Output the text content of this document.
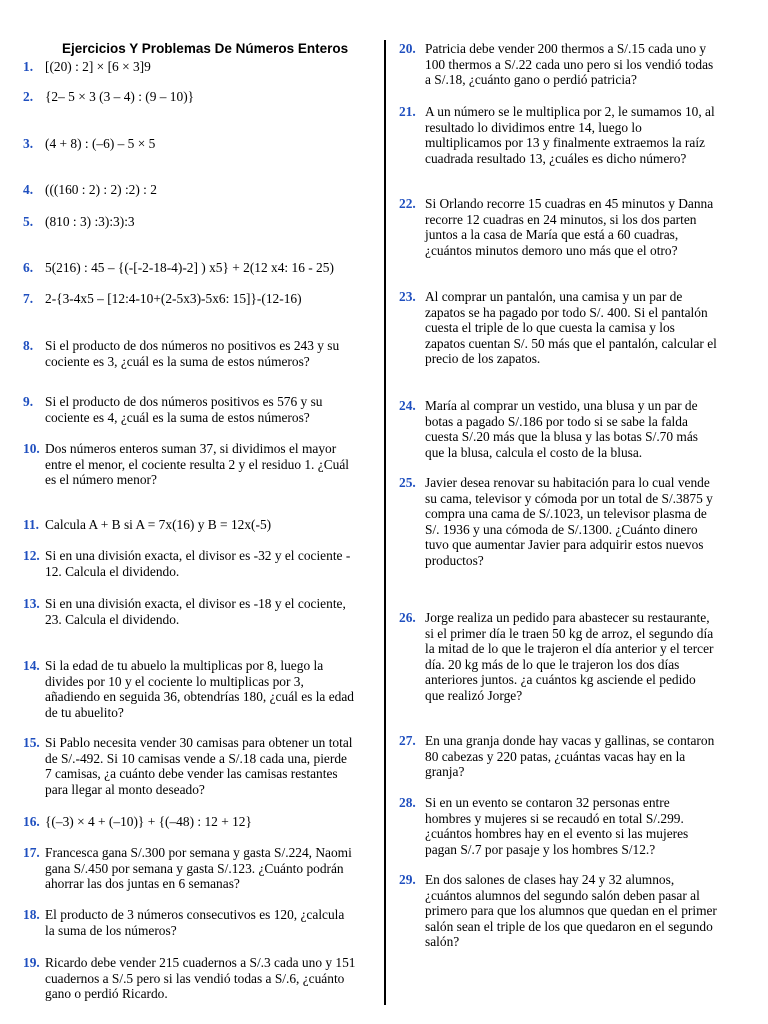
Ejercicios Y Problemas De Números Enteros
1. [(20) : 2] × [6 × 3]9
2. {2– 5 × 3 (3 – 4) : (9 – 10)}
3. (4 + 8) : (–6) – 5 × 5
4. (((160 : 2) : 2) :2) : 2
5. (810 : 3) :3):3):3
6. 5(216) : 45 – {(-[-2-18-4)-2] ) x5} + 2(12 x4: 16 - 25)
7. 2-{3-4x5 – [12:4-10+(2-5x3)-5x6: 15]}-(12-16)
8. Si el producto de dos números no positivos es 243 y su
cociente es 3, ¿cuál es la suma de estos números?
9. Si el producto de dos números positivos es 576 y su
cociente es 4, ¿cuál es la suma de estos números?
10. Dos números enteros suman 37, si dividimos el mayor
entre el menor, el cociente resulta 2 y el residuo 1. ¿Cuál
es el número menor?
11. Calcula A + B si A = 7x(16) y B = 12x(-5)
12. Si en una división exacta, el divisor es -32 y el cociente -
12. Calcula el dividendo.
13. Si en una división exacta, el divisor es -18 y el cociente,
23. Calcula el dividendo.
14. Si la edad de tu abuelo la multiplicas por 8, luego la
divides por 10 y el cociente lo multiplicas por 3,
añadiendo en seguida 36, obtendrías 180, ¿cuál es la edad
de tu abuelito?
15. Si Pablo necesita vender 30 camisas para obtener un total
de S/.-492. Si 10 camisas vende a S/.18 cada una, pierde
7 camisas, ¿a cuánto debe vender las camisas restantes
para llegar al monto deseado?
16. {(–3) × 4 + (–10)} + {(–48) : 12 + 12}
17. Francesca gana S/.300 por semana y gasta S/.224, Naomi
gana S/.450 por semana y gasta S/.123. ¿Cuánto podrán
ahorrar las dos juntas en 6 semanas?
18. El producto de 3 números consecutivos es 120, ¿calcula
la suma de los números?
19. Ricardo debe vender 215 cuadernos a S/.3 cada uno y 151
cuadernos a S/.5 pero si las vendió todas a S/.6, ¿cuánto
gano o perdió Ricardo.
20. Patricia debe vender 200 thermos a S/.15 cada uno y
100 thermos a S/.22 cada uno pero si los vendió todas
a S/.18, ¿cuánto gano o perdió patricia?
21. A un número se le multiplica por 2, le sumamos 10, al
resultado lo dividimos entre 14, luego lo
multiplicamos por 13 y finalmente extraemos la raíz
cuadrada resultado 13, ¿cuáles es dicho número?
22. Si Orlando recorre 15 cuadras en 45 minutos y Danna
recorre 12 cuadras en 24 minutos, si los dos parten
juntos a la casa de María que está a 60 cuadras,
¿cuántos minutos demoro uno más que el otro?
23. Al comprar un pantalón, una camisa y un par de
zapatos se ha pagado por todo S/. 400. Si el pantalón
cuesta el triple de lo que cuesta la camisa y los
zapatos cuentan S/. 50 más que el pantalón, calcular el
precio de los zapatos.
24. María al comprar un vestido, una blusa y un par de
botas a pagado S/.186 por todo si se sabe la falda
cuesta S/.20 más que la blusa y las botas S/.70 más
que la blusa, calcula el costo de la blusa.
25. Javier desea renovar su habitación para lo cual vende
su cama, televisor y cómoda por un total de S/.3875 y
compra una cama de S/.1023, un televisor plasma de
S/. 1936 y una cómoda de S/.1300. ¿Cuánto dinero
tuvo que aumentar Javier para adquirir estos nuevos
productos?
26. Jorge realiza un pedido para abastecer su restaurante,
si el primer día le traen 50 kg de arroz, el segundo día
la mitad de lo que le trajeron el día anterior y el tercer
día. 20 kg más de lo que le trajeron los dos días
anteriores juntos. ¿a cuántos kg asciende el pedido
que realizó Jorge?
27. En una granja donde hay vacas y gallinas, se contaron
80 cabezas y 220 patas, ¿cuántas vacas hay en la
granja?
28. Si en un evento se contaron 32 personas entre
hombres y mujeres si se recaudó en total S/.299.
¿cuántos hombres hay en el evento si las mujeres
pagan S/.7 por pasaje y los hombres S/12.?
29. En dos salones de clases hay 24 y 32 alumnos,
¿cuántos alumnos del segundo salón deben pasar al
primero para que los alumnos que quedan en el primer
salón sean el triple de los que quedaron en el segundo
salón?
